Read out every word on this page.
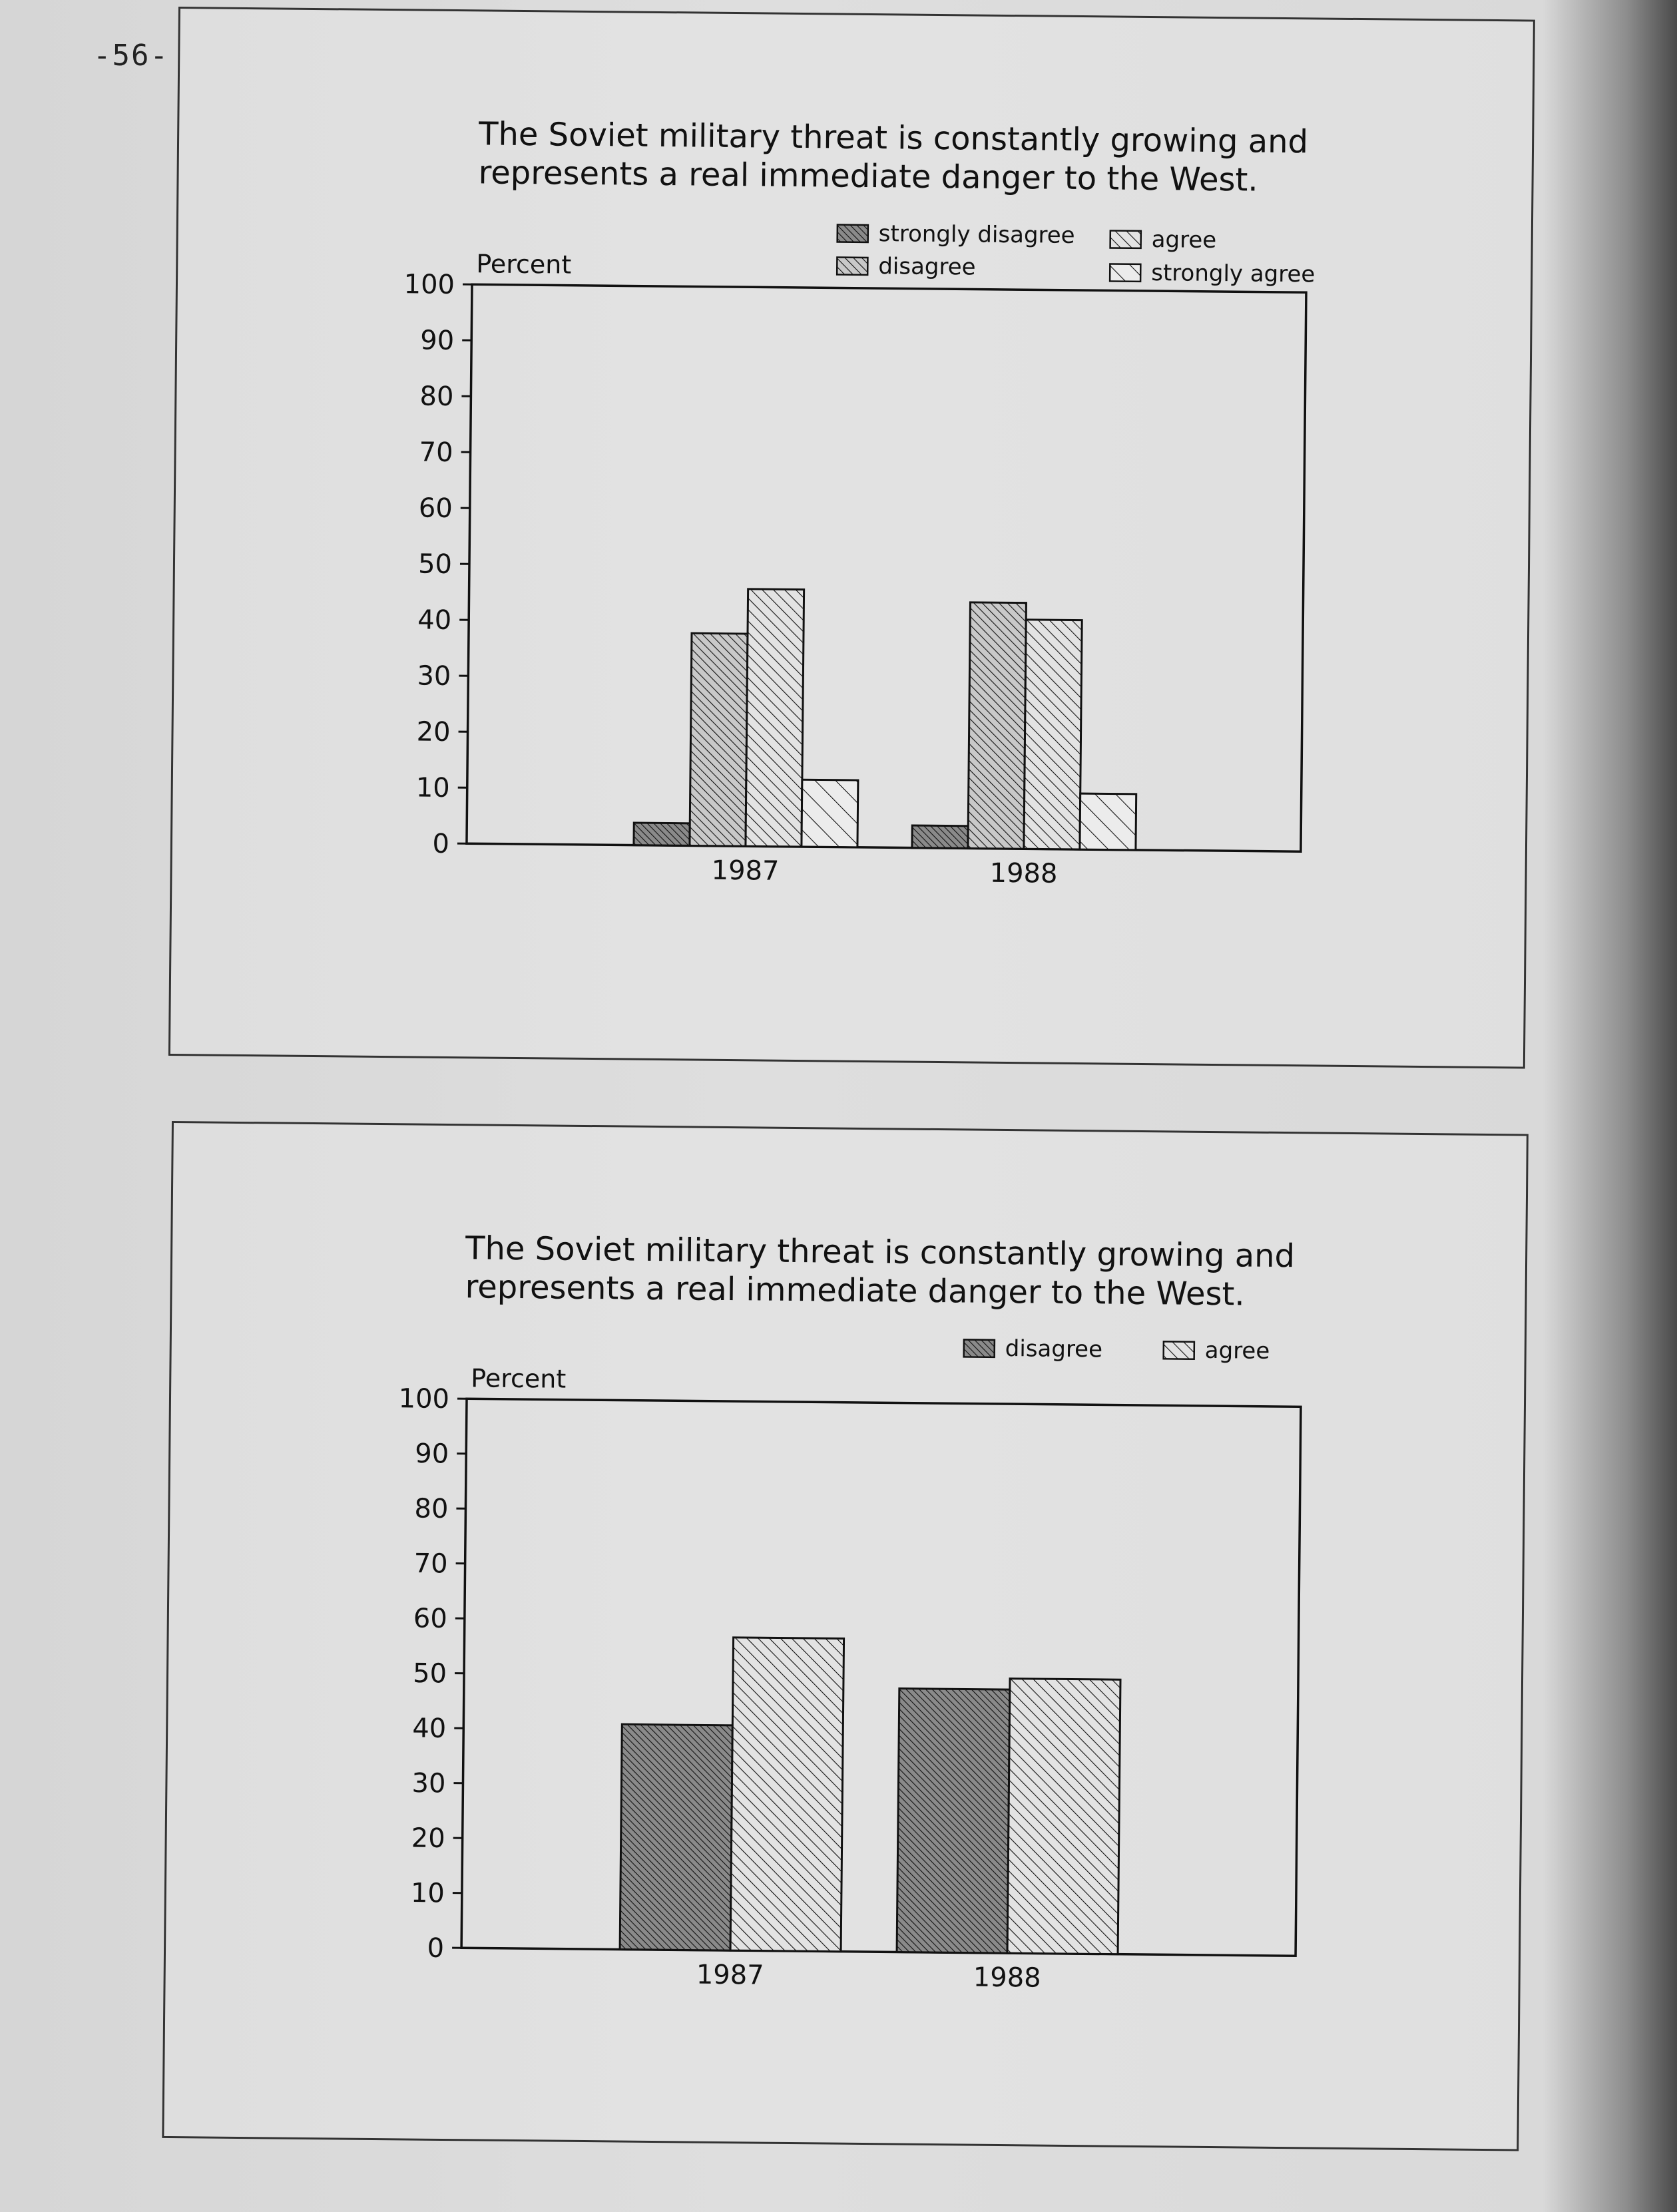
-56-
The Soviet military threat is constantly growing and
represents a real immediate danger to the West.
Percent
0
10
20
30
40
50
60
70
80
90
100
1987	1988
strongly disagree
disagree
agree
strongly agree
The Soviet military threat is constantly growing and
represents a real immediate danger to the West.
Percent
0
10
20
30
40
50
60
70
80
90
100
1987	1988
disagree	agree
